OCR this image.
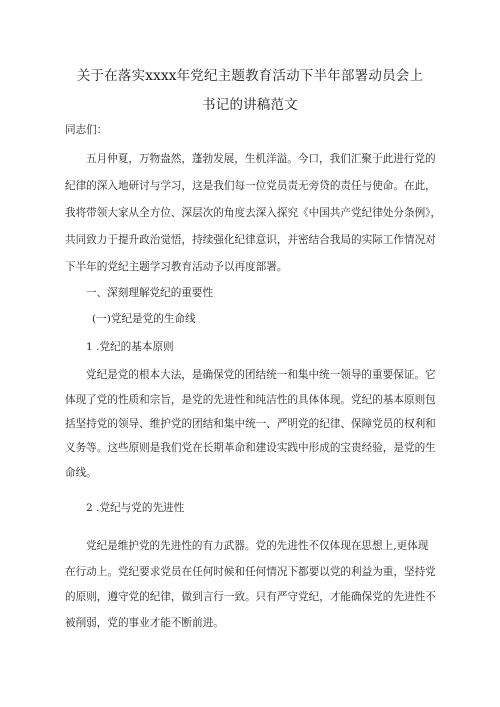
关于在落实xxxx年党纪主题教育活动下半年部署动员会上
书记的讲稿范文
同志们：
五月仲夏，万物盎然，蓬勃发展，生机洋溢。今口，我们汇聚于此进行党的
纪律的深入地研讨与学习，这是我们每一位党员责无旁贷的责任与使命。在此，
我将带领大家从全方位、深层次的角度去深入探究《中国共产党纪律处分条例》，
共同致力于提升政治觉悟，持续强化纪律意识，并密结合我局的实际工作情况对
下半年的党纪主题学习教育活动予以再度部署。
一、深刻理解党纪的重要性
(一)党纪是党的生命线
1 .党纪的基本原则
党纪是党的根本大法，是确保党的团结统一和集中统一领导的重要保证。它
体现了党的性质和宗旨，是党的先进性和纯洁性的具体体现。党纪的基本原则包
括坚持党的领导、维护党的团结和集中统一、严明党的纪律、保障党员的权利和
义务等。这些原则是我们党在长期革命和建设实践中形成的宝贵经验，是党的生
命线。
2 .党纪与党的先进性
党纪是维护党的先进性的有力武器。党的先进性不仅体现在思想上,更体现
在行动上。党纪要求党员在任何时候和任何情况下都要以党的利益为重，坚持党
的原则，遵守党的纪律，做到言行一致。只有严守党纪，才能确保党的先进性不
被削弱，党的事业才能不断前进。
